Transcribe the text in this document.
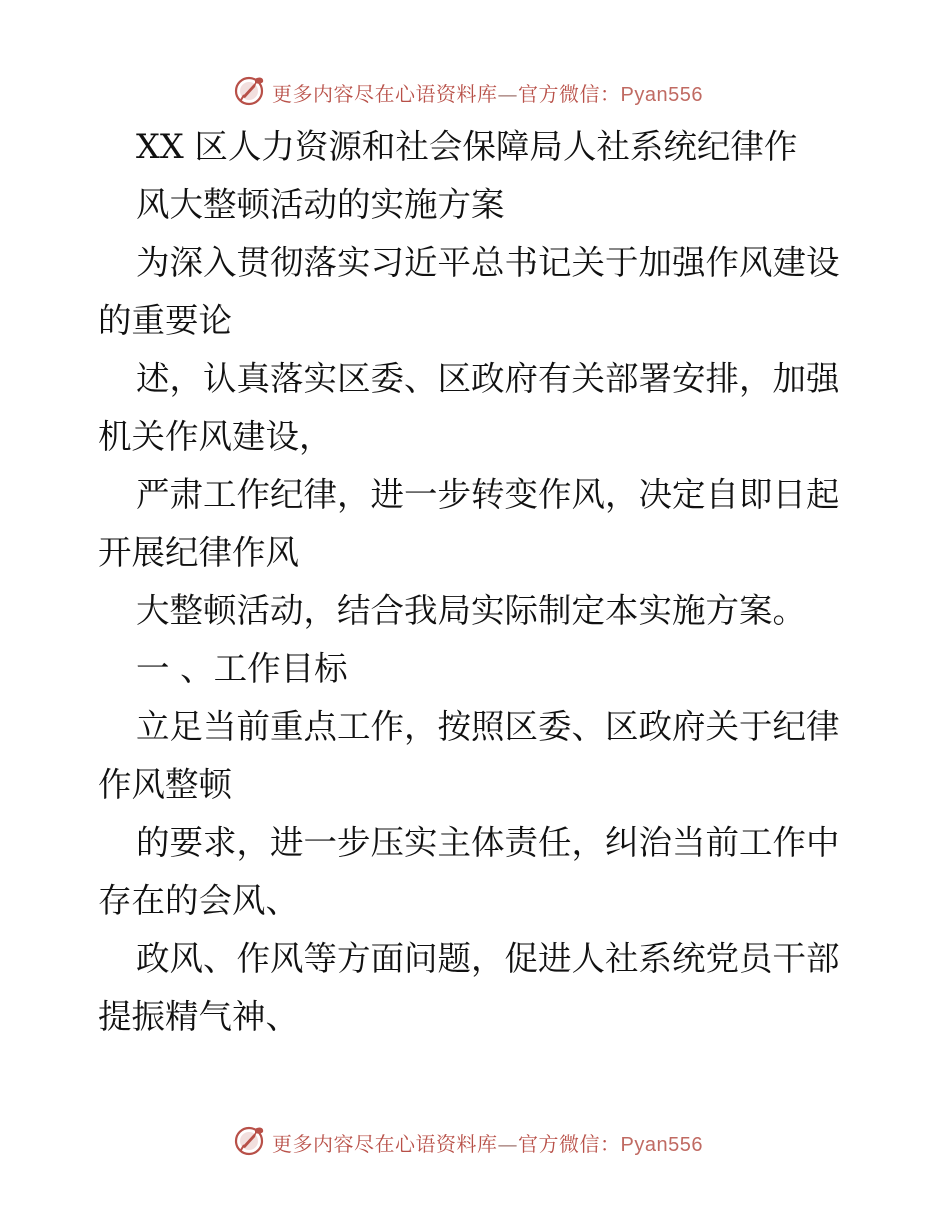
更多内容尽在心语资料库—官方微信：Pyan556
XX 区人力资源和社会保障局人社系统纪律作
风大整顿活动的实施方案
为深入贯彻落实习近平总书记关于加强作风建设
的重要论
述，认真落实区委、区政府有关部署安排，加强
机关作风建设，
严肃工作纪律，进一步转变作风，决定自即日起
开展纪律作风
大整顿活动，结合我局实际制定本实施方案。
一 、工作目标
立足当前重点工作，按照区委、区政府关于纪律
作风整顿
的要求，进一步压实主体责任，纠治当前工作中
存在的会风、
政风、作风等方面问题，促进人社系统党员干部
提振精气神、
更多内容尽在心语资料库—官方微信：Pyan556
